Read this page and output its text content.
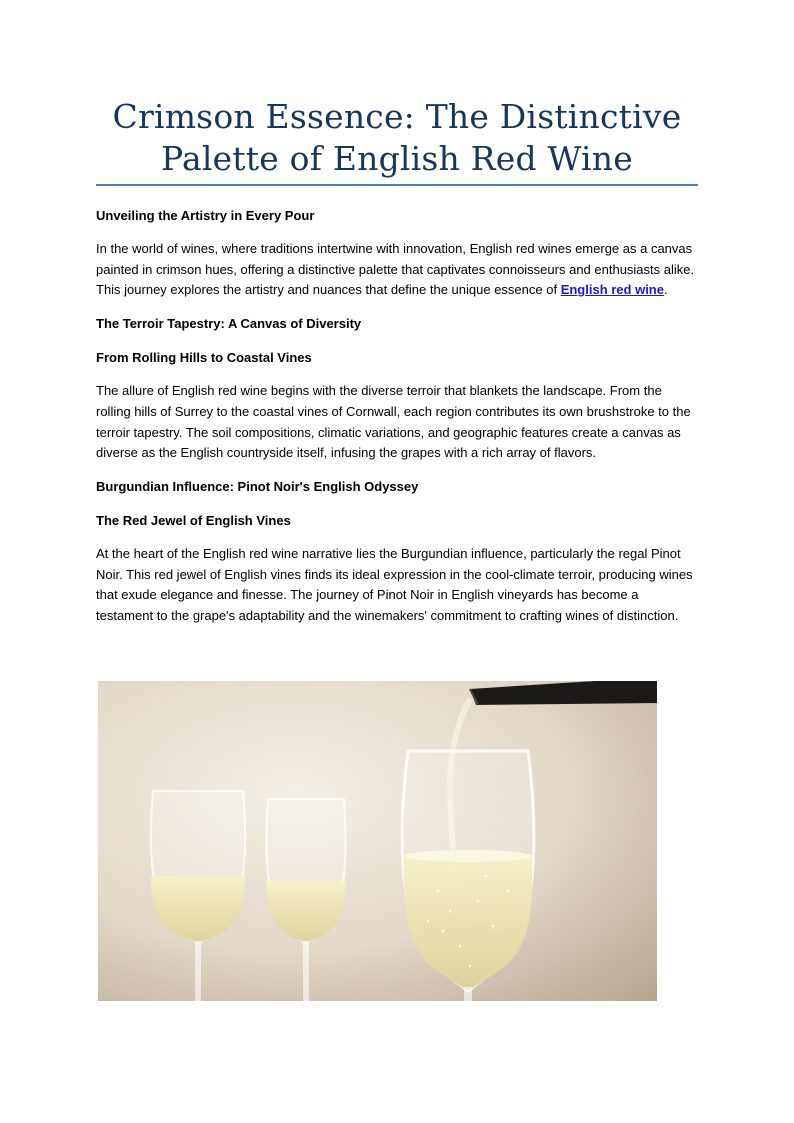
Crimson Essence: The Distinctive
Palette of English Red Wine

Unveiling the Artistry in Every Pour

In the world of wines, where traditions intertwine with innovation, English red wines emerge as a canvas painted in crimson hues, offering a distinctive palette that captivates connoisseurs and enthusiasts alike. This journey explores the artistry and nuances that define the unique essence of English red wine.

The Terroir Tapestry: A Canvas of Diversity

From Rolling Hills to Coastal Vines

The allure of English red wine begins with the diverse terroir that blankets the landscape. From the rolling hills of Surrey to the coastal vines of Cornwall, each region contributes its own brushstroke to the terroir tapestry. The soil compositions, climatic variations, and geographic features create a canvas as diverse as the English countryside itself, infusing the grapes with a rich array of flavors.

Burgundian Influence: Pinot Noir's English Odyssey

The Red Jewel of English Vines

At the heart of the English red wine narrative lies the Burgundian influence, particularly the regal Pinot Noir. This red jewel of English vines finds its ideal expression in the cool-climate terroir, producing wines that exude elegance and finesse. The journey of Pinot Noir in English vineyards has become a testament to the grape's adaptability and the winemakers' commitment to crafting wines of distinction.
